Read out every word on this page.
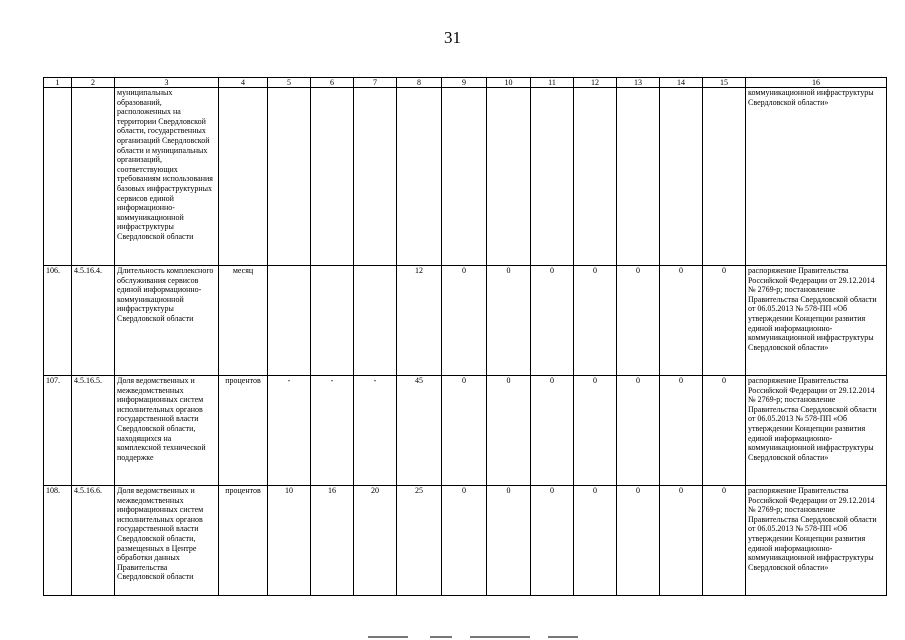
31
1	2	3	4	5	6	7	8	9	10	11	12	13	14	15	16
		муниципальных образований, расположенных на территории Свердловской области, государственных организаций Свердловской области и муниципальных организаций, соответствующих требованиям использования базовых инфраструктурных сервисов единой информационно-коммуникационной инфраструктуры Свердловской области													коммуникационной инфраструктуры Свердловской области»
106.	4.5.16.4.	Длительность комплексного обслуживания сервисов единой информационно-коммуникационной инфраструктуры Свердловской области	месяц				12	0	0	0	0	0	0	0	распоряжение Правительства Российской Федерации от 29.12.2014 № 2769-р; постановление Правительства Свердловской области от 06.05.2013 № 578-ПП «Об утверждении Концепции развития единой информационно-коммуникационной инфраструктуры Свердловской области»
107.	4.5.16.5.	Доля ведомственных и межведомственных информационных систем исполнительных органов государственной власти Свердловской области, находящихся на комплексной технической поддержке	процентов	-	-	-	45	0	0	0	0	0	0	0	распоряжение Правительства Российской Федерации от 29.12.2014 № 2769-р; постановление Правительства Свердловской области от 06.05.2013 № 578-ПП «Об утверждении Концепции развития единой информационно-коммуникационной инфраструктуры Свердловской области»
108.	4.5.16.6.	Доля ведомственных и межведомственных информационных систем исполнительных органов государственной власти Свердловской области, размещенных в Центре обработки данных Правительства Свердловской области	процентов	10	16	20	25	0	0	0	0	0	0	0	распоряжение Правительства Российской Федерации от 29.12.2014 № 2769-р; постановление Правительства Свердловской области от 06.05.2013 № 578-ПП «Об утверждении Концепции развития единой информационно-коммуникационной инфраструктуры Свердловской области»
